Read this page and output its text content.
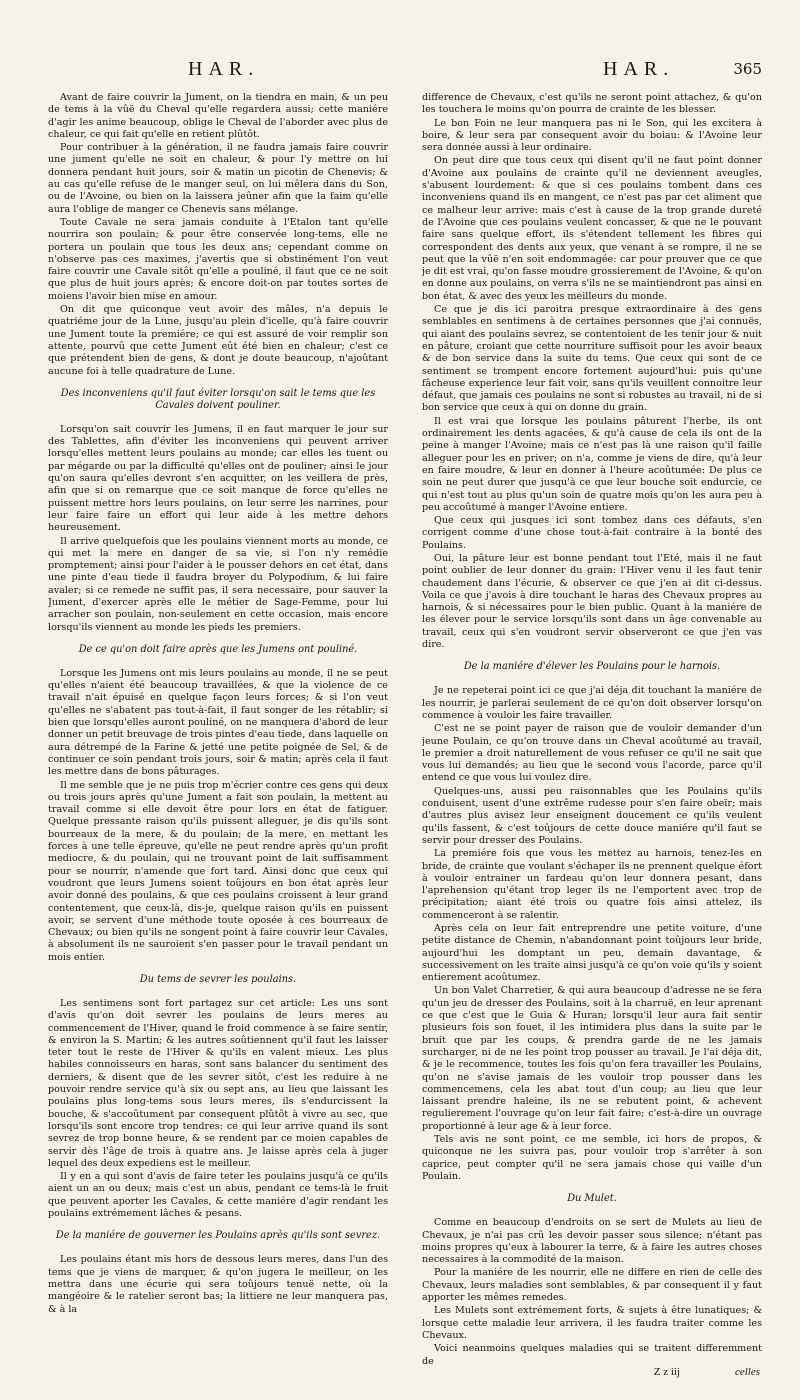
HAR.	HAR.	365

Avant de faire couvrir la Jument, on la tiendra en main, & un peu de tems à la vûë du Cheval qu'elle regardera aussi; cette maniére d'agir les anime beaucoup, oblige le Cheval de l'aborder avec plus de chaleur, ce qui fait qu'elle en retient plûtôt.

Pour contribuer à la génération, il ne faudra jamais faire couvrir une jument qu'elle ne soit en chaleur, & pour l'y mettre on lui donnera pendant huit jours, soir & matin un picotin de Chenevis; & au cas qu'elle refuse de le manger seul, on lui mêlera dans du Son, ou de l'Avoine, ou bien on la laissera jeûner afin que la faim qu'elle aura l'oblige de manger ce Chenevis sans mélange.

Toute Cavale ne sera jamais conduite à l'Etalon tant qu'elle nourrira son poulain; & pour être conservée long-tems, elle ne portera un poulain que tous les deux ans; cependant comme on n'observe pas ces maximes, j'avertis que si obstinément l'on veut faire couvrir une Cavale sitôt qu'elle a pouliné, il faut que ce ne soit que plus de huit jours après; & encore doit-on par toutes sortes de moiens l'avoir bien mise en amour.

On dit que quiconque veut avoir des mâles, n'a depuis le quatriéme jour de la Lune, jusqu'au plein d'icelle, qu'à faire couvrir une Jument toute la premiére; ce qui est assuré de voir remplir son attente, pourvû que cette Jument eût été bien en chaleur; c'est ce que prétendent bien de gens, & dont je doute beaucoup, n'ajoûtant aucune foi à telle quadrature de Lune.

Des inconveniens qu'il faut éviter lorsqu'on sait le tems que les Cavales doivent pouliner.

Lorsqu'on sait couvrir les Jumens, il en faut marquer le jour sur des Tablettes, afin d'éviter les inconveniens qui peuvent arriver lorsqu'elles mettent leurs poulains au monde; car elles les tuent ou par mégarde ou par la difficulté qu'elles ont de pouliner; ainsi le jour qu'on saura qu'elles devront s'en acquitter, on les veillera de près, afin que si on remarque que ce soit manque de force qu'elles ne puissent mettre hors leurs poulains, on leur serre les narrines, pour leur faire faire un effort qui leur aide à les mettre dehors heureusement.

Il arrive quelquefois que les poulains viennent morts au monde, ce qui met la mere en danger de sa vie, si l'on n'y remédie promptement; ainsi pour l'aider à le pousser dehors en cet état, dans une pinte d'eau tiede il faudra broyer du Polypodium, & lui faire avaler; si ce remede ne suffit pas, il sera necessaire, pour sauver la Jument, d'exercer après elle le métier de Sage-Femme, pour lui arracher son poulain, non-seulement en cette occasion, mais encore lorsqu'ils viennent au monde les pieds les premiers.

De ce qu'on doit faire après que les Jumens ont pouliné.

Lorsque les Jumens ont mis leurs poulains au monde, il ne se peut qu'elles n'aient été beaucoup travaillées, & que la violence de ce travail n'ait épuisé en quelque façon leurs forces; & si l'on veut qu'elles ne s'abatent pas tout-à-fait, il faut songer de les rétablir; si bien que lorsqu'elles auront pouliné, on ne manquera d'abord de leur donner un petit breuvage de trois pintes d'eau tiede, dans laquelle on aura détrempé de la Farine & jetté une petite poignée de Sel, & de continuer ce soin pendant trois jours, soir & matin; après cela il faut les mettre dans de bons pâturages.

Il me semble que je ne puis trop m'écrier contre ces gens qui deux ou trois jours après qu'une Jument a fait son poulain, la mettent au travail comme si elle devoit être pour lors en état de fatiguer. Quelque pressante raison qu'ils puissent alleguer, je dis qu'ils sont bourreaux de la mere, & du poulain; de la mere, en mettant les forces à une telle épreuve, qu'elle ne peut rendre après qu'un profit mediocre, & du poulain, qui ne trouvant point de lait suffisamment pour se nourrir, n'amende que fort tard. Ainsi donc que ceux qui voudront que leurs Jumens soient toûjours en bon état après leur avoir donné des poulains, & que ces poulains croissent à leur grand contentement, que ceux-là, dis-je, quelque raison qu'ils en puissent avoir, se servent d'une méthode toute oposée à ces bourreaux de Chevaux; ou bien qu'ils ne songent point à faire couvrir leur Cavales, à absolument ils ne sauroient s'en passer pour le travail pendant un mois entier.

Du tems de sevrer les poulains.

Les sentimens sont fort partagez sur cet article: Les uns sont d'avis qu'on doit sevrer les poulains de leurs meres au commencement de l'Hiver, quand le froid commence à se faire sentir, & environ la S. Martin; & les autres soûtiennent qu'il faut les laisser teter tout le reste de l'Hiver & qu'ils en valent mieux. Les plus habiles connoisseurs en haras, sont sans balancer du sentiment des derniers, & disent que de les sevrer sitôt, c'est les reduire à ne pouvoir rendre service qu'à six ou sept ans, au lieu que laissant les poulains plus long-tems sous leurs meres, ils s'endurcissent la bouche, & s'accoûtument par consequent plûtôt à vivre au sec, que lorsqu'ils sont encore trop tendres: ce qui leur arrive quand ils sont sevrez de trop bonne heure, & se rendent par ce moien capables de servir dès l'âge de trois à quatre ans. Je laisse après cela à juger lequel des deux expediens est le meilleur.

Il y en a qui sont d'avis de faire teter les poulains jusqu'à ce qu'ils aient un an ou deux; mais c'est un abus, pendant ce tems-là le fruit que peuvent aporter les Cavales, & cette maniére d'agir rendant les poulains extrémement lâches & pesans.

De la maniére de gouverner les Poulains après qu'ils sont sevrez.

Les poulains étant mis hors de dessous leurs meres, dans l'un des tems que je viens de marquer, & qu'on jugera le meilleur, on les mettra dans une écurie qui sera toûjours tenuë nette, où la mangéoire & le ratelier seront bas; la littiere ne leur manquera pas, & à la

difference de Chevaux, c'est qu'ils ne seront point attachez, & qu'on les touchera le moins qu'on pourra de crainte de les blesser.

Le bon Foin ne leur manquera pas ni le Son, qui les excitera à boire, & leur sera par consequent avoir du boiau: & l'Avoine leur sera donnée aussi à leur ordinaire.

On peut dire que tous ceux qui disent qu'il ne faut point donner d'Avoine aux poulains de crainte qu'il ne deviennent aveugles, s'abusent lourdement: & que si ces poulains tombent dans ces inconveniens quand ils en mangent, ce n'est pas par cet aliment que ce malheur leur arrive: mais c'est à cause de la trop grande dureté de l'Avoine que ces poulains veulent concasser, & que ne le pouvant faire sans quelque effort, ils s'étendent tellement les fibres qui correspondent des dents aux yeux, que venant à se rompre, il ne se peut que la vûë n'en soit endommagée: car pour prouver que ce que je dit est vrai, qu'on fasse moudre grossierement de l'Avoine, & qu'on en donne aux poulains, on verra s'ils ne se maintiendront pas ainsi en bon état, & avec des yeux les meilleurs du monde.

Ce que je dis ici paroitra presque extraordinaire à des gens semblables en sentimens à de certaines personnes que j'ai connuës, qui aiant des poulains sevrez, se contentoient de les tenir jour & nuit en pâture, croiant que cette nourriture suffisoit pour les avoir beaux & de bon service dans la suite du tems. Que ceux qui sont de ce sentiment se trompent encore fortement aujourd'hui: puis qu'une fâcheuse experience leur fait voir, sans qu'ils veuillent connoitre leur défaut, que jamais ces poulains ne sont si robustes au travail, ni de si bon service que ceux à qui on donne du grain.

Il est vrai que lorsque les poulains pâturent l'herbe, ils ont ordinairement les dents agacées, & qu'à cause de cela ils ont de la peine à manger l'Avoine; mais ce n'est pas là une raison qu'il faille alleguer pour les en priver; on n'a, comme je viens de dire, qu'à leur en faire moudre, & leur en donner à l'heure acoûtumée: De plus ce soin ne peut durer que jusqu'à ce que leur bouche soit endurcie, ce qui n'est tout au plus qu'un soin de quatre mois qu'on les aura peu à peu accoûtumé à manger l'Avoine entiere.

Que ceux qui jusques ici sont tombez dans ces défauts, s'en corrigent comme d'une chose tout-à-fait contraire à la bonté des Poulains.

Oui, la pâture leur est bonne pendant tout l'Eté, mais il ne faut point oublier de leur donner du grain: l'Hiver venu il les faut tenir chaudement dans l'écurie, & observer ce que j'en ai dit ci-dessus. Voila ce que j'avois à dire touchant le haras des Chevaux propres au harnois, & si nécessaires pour le bien public. Quant à la maniére de les élever pour le service lorsqu'ils sont dans un âge convenable au travail, ceux qui s'en voudront servir observeront ce que j'en vas dire.

De la maniére d'élever les Poulains pour le harnois.

Je ne repeterai point ici ce que j'ai déja dit touchant la maniére de les nourrir, je parlerai seulement de ce qu'on doit observer lorsqu'on commence à vouloir les faire travailler.

C'est ne se point payer de raison que de vouloir demander d'un jeune Poulain, ce qu'on trouve dans un Cheval acoûtumé au travail, le premier a droit naturellement de vous refuser ce qu'il ne sait que vous lui demandés; au lieu que le second vous l'acorde, parce qu'il entend ce que vous lui voulez dire.

Quelques-uns, aussi peu raisonnables que les Poulains qu'ils conduisent, usent d'une extrême rudesse pour s'en faire obeïr; mais d'autres plus avisez leur enseignent doucement ce qu'ils veulent qu'ils fassent, & c'est toûjours de cette douce maniére qu'il faut se servir pour dresser des Poulains.

La premiére fois que vous les mettez au harnois, tenez-les en bride, de crainte que voulant s'échaper ils ne prennent quelque éfort à vouloir entrainer un fardeau qu'on leur donnera pesant, dans l'aprehension qu'étant trop leger ils ne l'emportent avec trop de précipitation; aiant été trois ou quatre fois ainsi attelez, ils commenceront à se ralentir.

Après cela on leur fait entreprendre une petite voiture, d'une petite distance de Chemin, n'abandonnant point toûjours leur bride, aujourd'hui les domptant un peu, demain davantage, & successivement on les traite ainsi jusqu'à ce qu'on voie qu'ils y soient entierement acoûtumez.

Un bon Valet Charretier, & qui aura beaucoup d'adresse ne se fera qu'un jeu de dresser des Poulains, soit à la charruë, en leur aprenant ce que c'est que le Guia & Huran; lorsqu'il leur aura fait sentir plusieurs fois son fouet, il les intimidera plus dans la suite par le bruit que par les coups, & prendra garde de ne les jamais surcharger, ni de ne les point trop pousser au travail. Je l'ai déja dit, & je le recommence, toutes les fois qu'on fera travailler les Poulains, qu'on ne s'avise jamais de les vouloir trop pousser dans les commencemens, cela les abat tout d'un coup; au lieu que leur laissant prendre haleine, ils ne se rebutent point, & achevent regulierement l'ouvrage qu'on leur fait faire; c'est-à-dire un ouvrage proportionné à leur age & à leur force.

Tels avis ne sont point, ce me semble, ici hors de propos, & quiconque ne les suivra pas, pour vouloir trop s'arrêter à son caprice, peut compter qu'il ne sera jamais chose qui vaille d'un Poulain.

Du Mulet.

Comme en beaucoup d'endroits on se sert de Mulets au lieu de Chevaux, je n'ai pas crû les devoir passer sous silence; n'étant pas moins propres qu'eux à labourer la terre, & à faire les autres choses necessaires à la commodité de la maison.

Pour la maniére de les nourrir, elle ne differe en rien de celle des Chevaux, leurs maladies sont semblables, & par consequent il y faut apporter les mêmes remedes.

Les Mulets sont extrémement forts, & sujets à être lunatiques; & lorsque cette maladie leur arrivera, il les faudra traiter comme les Chevaux.

Voici neanmoins quelques maladies qui se traitent differemment de

Z z iij	celles
